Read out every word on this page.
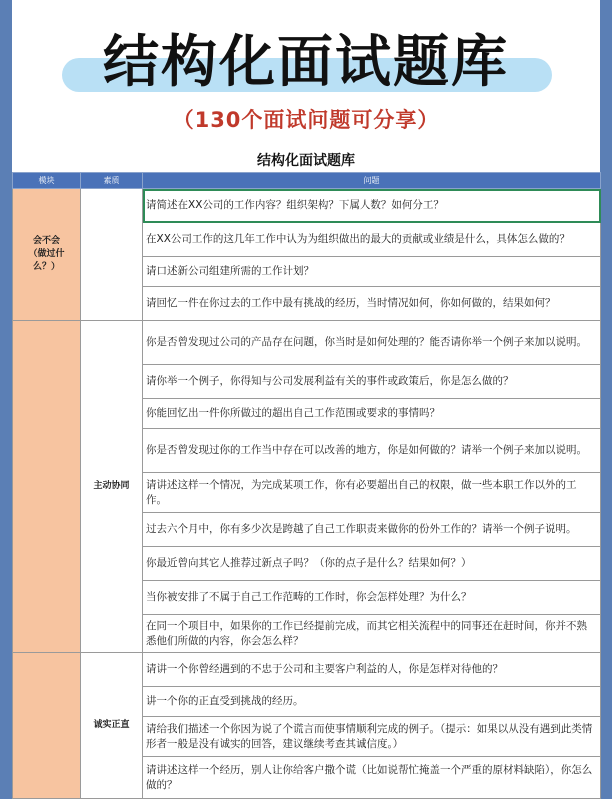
结构化面试题库
（130个面试问题可分享）
结构化面试题库
模块	素质	问题
会不会
（做过什
么？）		请简述在XX公司的工作内容？组织架构？下属人数？如何分工？
		在XX公司工作的这几年工作中认为为组织做出的最大的贡献或业绩是什么，具体怎么做的？
		请口述新公司组建所需的工作计划？
		请回忆一件在你过去的工作中最有挑战的经历，当时情况如何，你如何做的，结果如何？
	主动协同	你是否曾发现过公司的产品存在问题，你当时是如何处理的？能否请你举一个例子来加以说明。
		请你举一个例子，你得知与公司发展利益有关的事件或政策后，你是怎么做的？
		你能回忆出一件你所做过的超出自己工作范围或要求的事情吗？
		你是否曾发现过你的工作当中存在可以改善的地方，你是如何做的？请举一个例子来加以说明。
		请讲述这样一个情况，为完成某项工作，你有必要超出自己的权限，做一些本职工作以外的工作。
		过去六个月中，你有多少次是跨越了自己工作职责来做你的份外工作的？请举一个例子说明。
		你最近曾向其它人推荐过新点子吗？（你的点子是什么？结果如何？）
		当你被安排了不属于自己工作范畴的工作时，你会怎样处理？为什么？
		在同一个项目中，如果你的工作已经提前完成，而其它相关流程中的同事还在赶时间，你并不熟悉他们所做的内容，你会怎么样？
	诚实正直	请讲一个你曾经遇到的不忠于公司和主要客户利益的人，你是怎样对待他的？
		讲一个你的正直受到挑战的经历。
		请给我们描述一个你因为说了个谎言而使事情顺利完成的例子。（提示：如果以从没有遇到此类情形者一般是没有诚实的回答，建议继续考查其诚信度。）
		请讲述这样一个经历，别人让你给客户撒个谎（比如说帮忙掩盖一个严重的原材料缺陷），你怎么做的？
